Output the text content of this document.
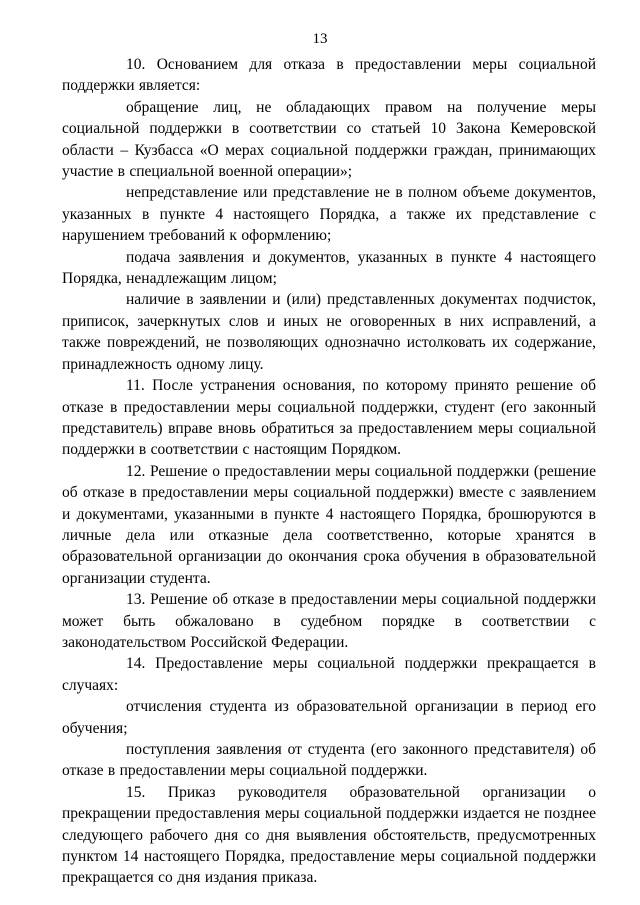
13

10. Основанием для отказа в предоставлении меры социальной поддержки является:

обращение лиц, не обладающих правом на получение меры социальной поддержки в соответствии со статьей 10 Закона Кемеровской области – Кузбасса «О мерах социальной поддержки граждан, принимающих участие в специальной военной операции»;

непредставление или представление не в полном объеме документов, указанных в пункте 4 настоящего Порядка, а также их представление с нарушением требований к оформлению;

подача заявления и документов, указанных в пункте 4 настоящего Порядка, ненадлежащим лицом;

наличие в заявлении и (или) представленных документах подчисток, приписок, зачеркнутых слов и иных не оговоренных в них исправлений, а также повреждений, не позволяющих однозначно истолковать их содержание, принадлежность одному лицу.

11. После устранения основания, по которому принято решение об отказе в предоставлении меры социальной поддержки, студент (его законный представитель) вправе вновь обратиться за предоставлением меры социальной поддержки в соответствии с настоящим Порядком.

12. Решение о предоставлении меры социальной поддержки (решение об отказе в предоставлении меры социальной поддержки) вместе с заявлением и документами, указанными в пункте 4 настоящего Порядка, брошюруются в личные дела или отказные дела соответственно, которые хранятся в образовательной организации до окончания срока обучения в образовательной организации студента.

13. Решение об отказе в предоставлении меры социальной поддержки может быть обжаловано в судебном порядке в соответствии с законодательством Российской Федерации.

14. Предоставление меры социальной поддержки прекращается в случаях:

отчисления студента из образовательной организации в период его обучения;

поступления заявления от студента (его законного представителя) об отказе в предоставлении меры социальной поддержки.

15. Приказ руководителя образовательной организации о прекращении предоставления меры социальной поддержки издается не позднее следующего рабочего дня со дня выявления обстоятельств, предусмотренных пунктом 14 настоящего Порядка, предоставление меры социальной поддержки прекращается со дня издания приказа.
